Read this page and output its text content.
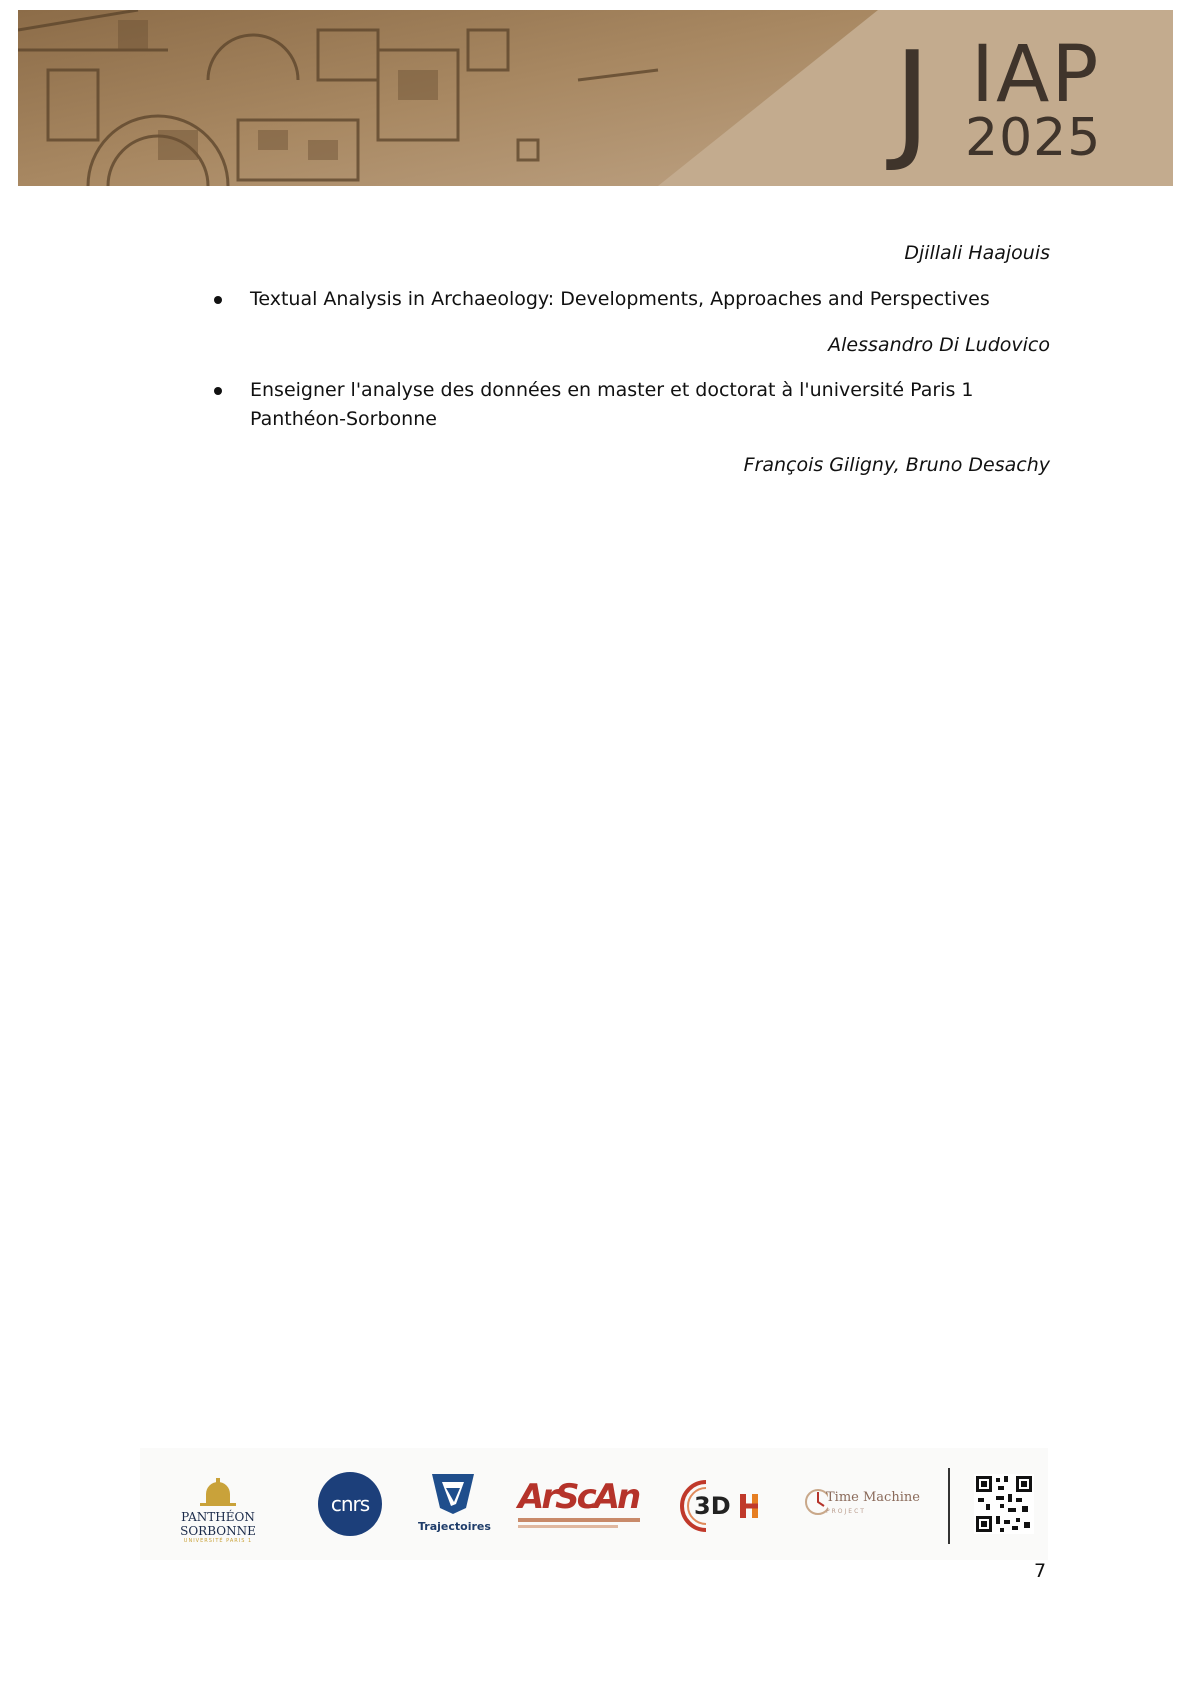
J IAP
2025
Djillali Haajouis
Textual Analysis in Archaeology: Developments, Approaches and Perspectives
Alessandro Di Ludovico
Enseigner l'analyse des données en master et doctorat à l'université Paris 1 Panthéon-Sorbonne
François Giligny, Bruno Desachy
PANTHÉON SORBONNE
UNIVERSITÉ PARIS 1
cnrs
Trajectoires
ArScAn 3D	Time Machine
PROJECT
7
